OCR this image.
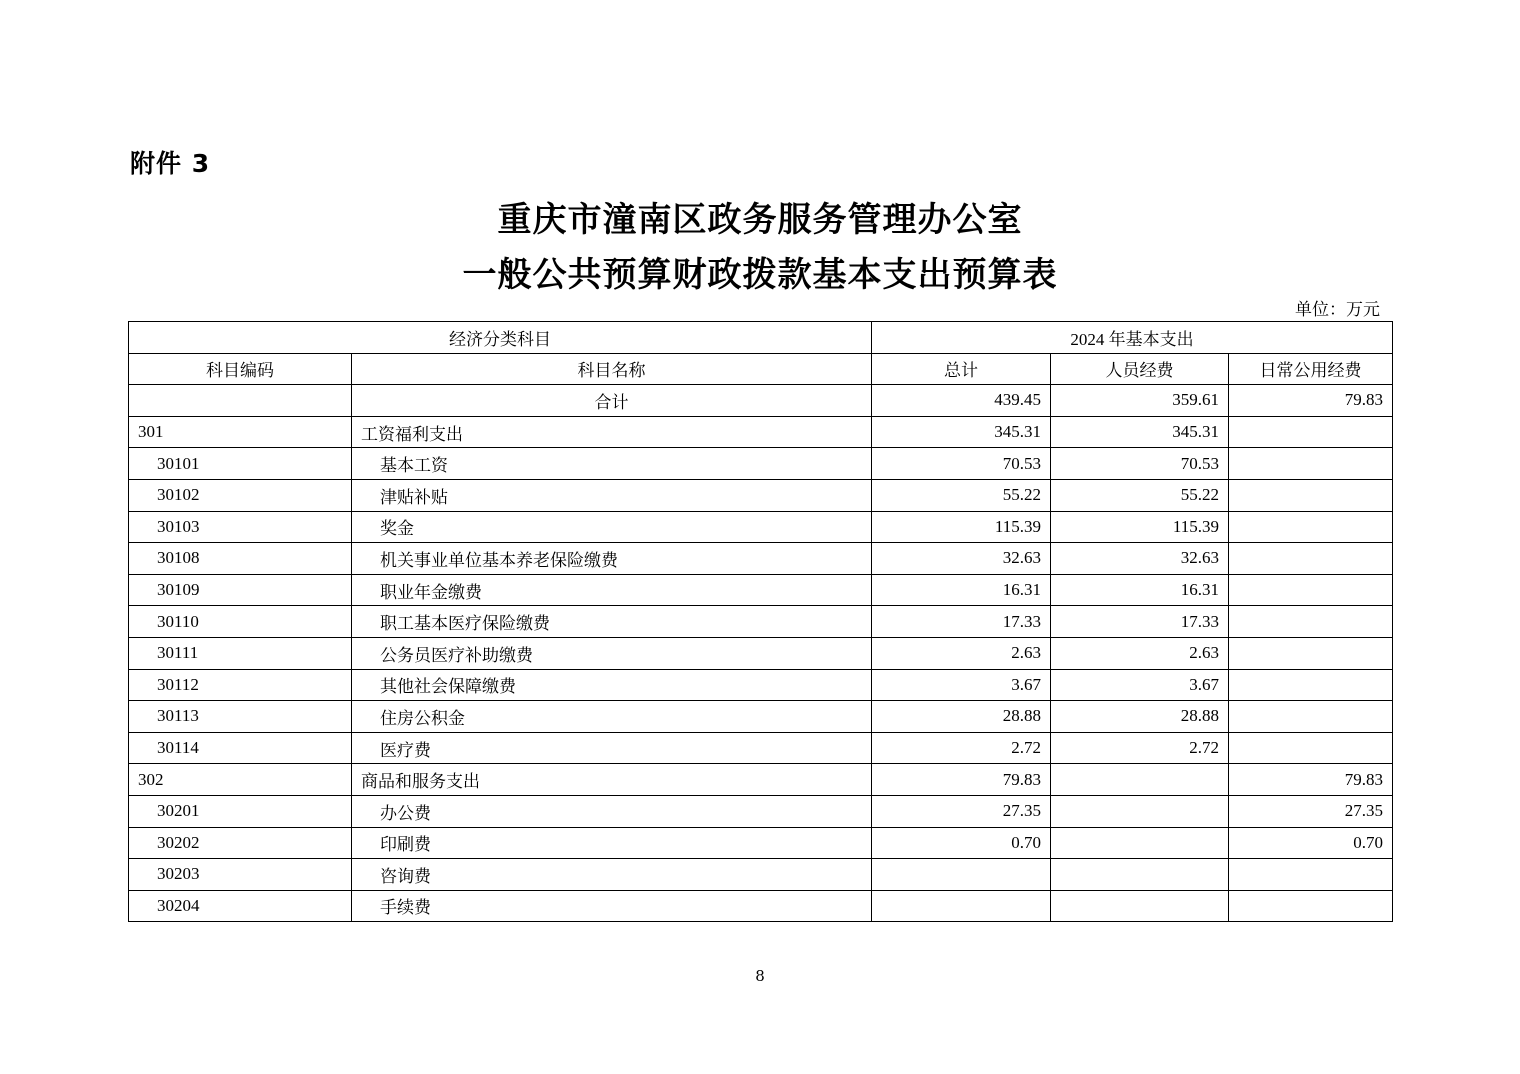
附件 3
重庆市潼南区政务服务管理办公室
一般公共预算财政拨款基本支出预算表
单位：万元
经济分类科目		2024 年基本支出		
科目编码	科目名称	总计	人员经费	日常公用经费
	合计	439.45	359.61	79.83
301	工资福利支出	345.31	345.31	
30101	基本工资	70.53	70.53	
30102	津贴补贴	55.22	55.22	
30103	奖金	115.39	115.39	
30108	机关事业单位基本养老保险缴费	32.63	32.63	
30109	职业年金缴费	16.31	16.31	
30110	职工基本医疗保险缴费	17.33	17.33	
30111	公务员医疗补助缴费	2.63	2.63	
30112	其他社会保障缴费	3.67	3.67	
30113	住房公积金	28.88	28.88	
30114	医疗费	2.72	2.72	
302	商品和服务支出	79.83		79.83
30201	办公费	27.35		27.35
30202	印刷费	0.70		0.70
30203	咨询费			
30204	手续费			
8
